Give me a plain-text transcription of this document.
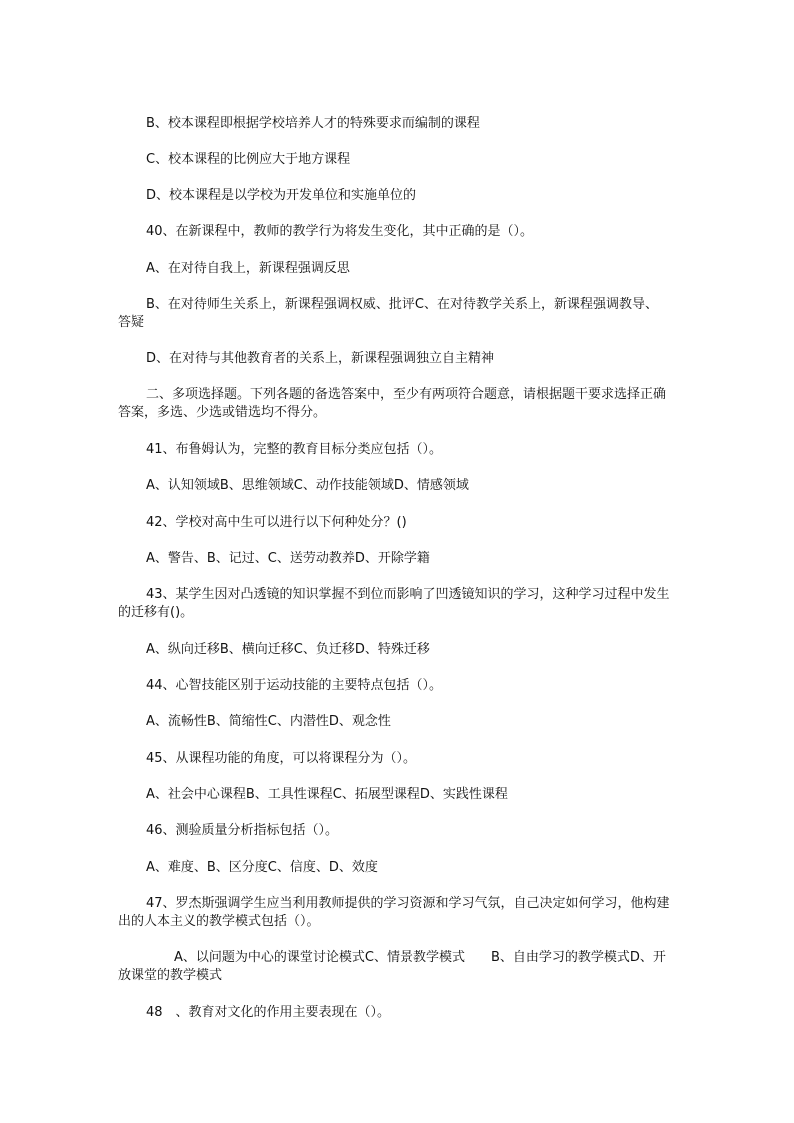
B、校本课程即根据学校培养人才的特殊要求而编制的课程

C、校本课程的比例应大于地方课程

D、校本课程是以学校为开发单位和实施单位的

40、在新课程中，教师的教学行为将发生变化，其中正确的是（）。

A、在对待自我上，新课程强调反思

B、在对待师生关系上，新课程强调权威、批评C、在对待教学关系上，新课程强调教导、答疑

D、在对待与其他教育者的关系上，新课程强调独立自主精神

二、多项选择题。下列各题的备选答案中，至少有两项符合题意，请根据题干要求选择正确答案，多选、少选或错选均不得分。

41、布鲁姆认为，完整的教育目标分类应包括（）。

A、认知领域B、思维领域C、动作技能领域D、情感领域

42、学校对高中生可以进行以下何种处分？()

A、警告、B、记过、C、送劳动教养D、开除学籍

43、某学生因对凸透镜的知识掌握不到位而影响了凹透镜知识的学习，这种学习过程中发生的迁移有()。

A、纵向迁移B、横向迁移C、负迁移D、特殊迁移

44、心智技能区别于运动技能的主要特点包括（）。

A、流畅性B、简缩性C、内潜性D、观念性

45、从课程功能的角度，可以将课程分为（）。

A、社会中心课程B、工具性课程C、拓展型课程D、实践性课程

46、测验质量分析指标包括（）。

A、难度、B、区分度C、信度、D、效度

47、罗杰斯强调学生应当利用教师提供的学习资源和学习气氛，自己决定如何学习，他构建出的人本主义的教学模式包括（）。

A、以问题为中心的课堂讨论模式C、情景教学模式　　B、自由学习的教学模式D、开放课堂的教学模式

48　、教育对文化的作用主要表现在（）。
